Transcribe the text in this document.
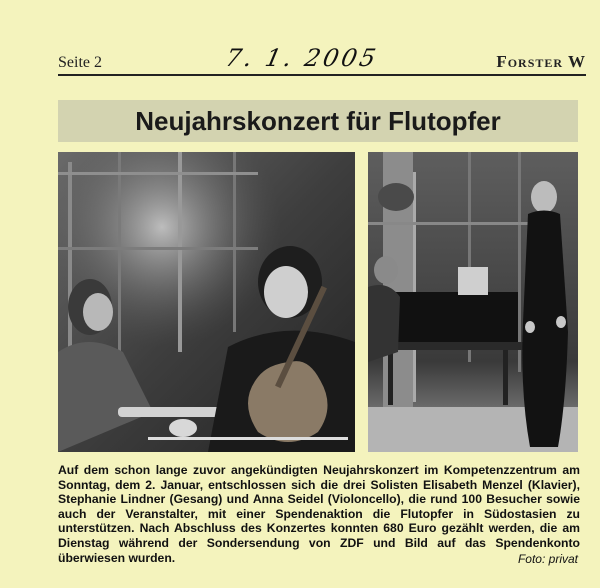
Seite 2	7. 1. 2005	Forster W
Neujahrskonzert für Flutopfer
Auf dem schon lange zuvor angekündigten Neujahrskonzert im Kompetenzzentrum am Sonntag, dem 2. Januar, entschlossen sich die drei Solisten Elisabeth Menzel (Klavier), Stephanie Lindner (Gesang) und Anna Seidel (Violoncello), die rund 100 Besucher sowie auch der Veranstalter, mit einer Spendenaktion die Flutopfer in Südostasien zu unterstützen. Nach Abschluss des Konzertes konnten 680 Euro gezählt werden, die am Dienstag während der Sondersendung von ZDF und Bild auf das Spendenkonto überwiesen wurden.	Foto: privat
